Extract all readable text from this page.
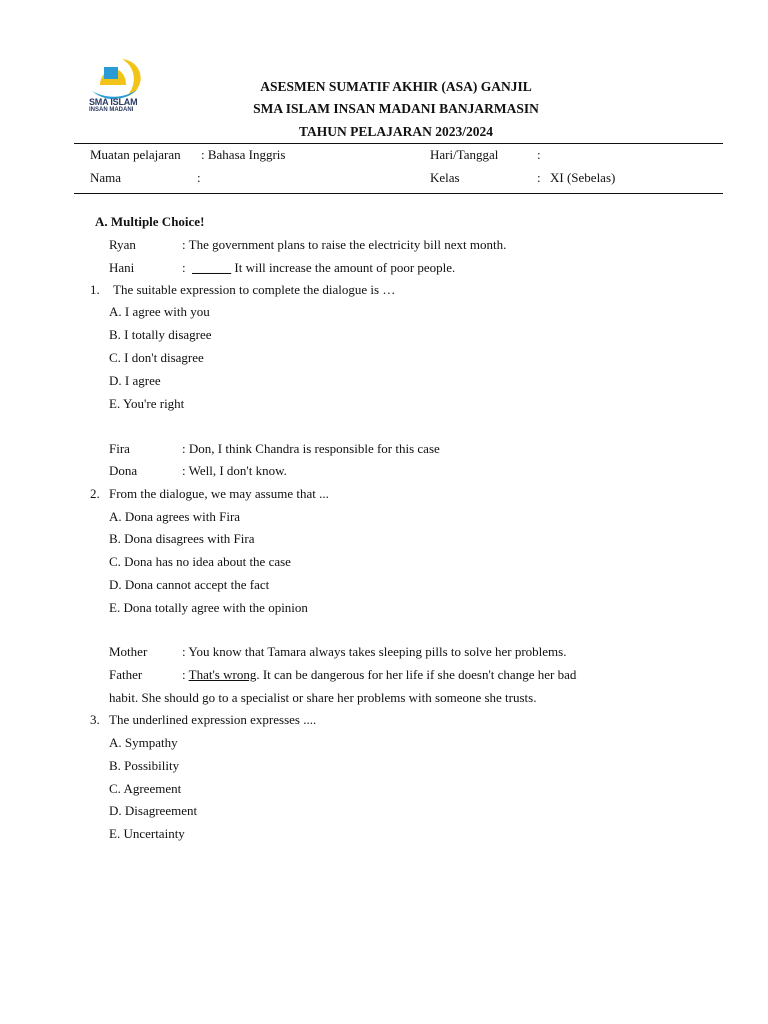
SMA ISLAM
INSAN MADANI
ASESMEN SUMATIF AKHIR (ASA) GANJIL
SMA ISLAM INSAN MADANI BANJARMASIN
TAHUN PELAJARAN 2023/2024
Muatan pelajaran : Bahasa Inggris	Hari/Tanggal	:
Nama	:	Kelas	: XI (Sebelas)
A. Multiple Choice!
Ryan	: The government plans to raise the electricity bill next month.
Hani	: ______ It will increase the amount of poor people.
1. The suitable expression to complete the dialogue is …
A. I agree with you
B. I totally disagree
C. I don't disagree
D. I agree
E. You're right
Fira	: Don, I think Chandra is responsible for this case
Dona	: Well, I don't know.
2. From the dialogue, we may assume that ...
A. Dona agrees with Fira
B. Dona disagrees with Fira
C. Dona has no idea about the case
D. Dona cannot accept the fact
E. Dona totally agree with the opinion
Mother	: You know that Tamara always takes sleeping pills to solve her problems.
Father	: That's wrong. It can be dangerous for her life if she doesn't change her bad
habit. She should go to a specialist or share her problems with someone she trusts.
3. The underlined expression expresses ....
A. Sympathy
B. Possibility
C. Agreement
D. Disagreement
E. Uncertainty
